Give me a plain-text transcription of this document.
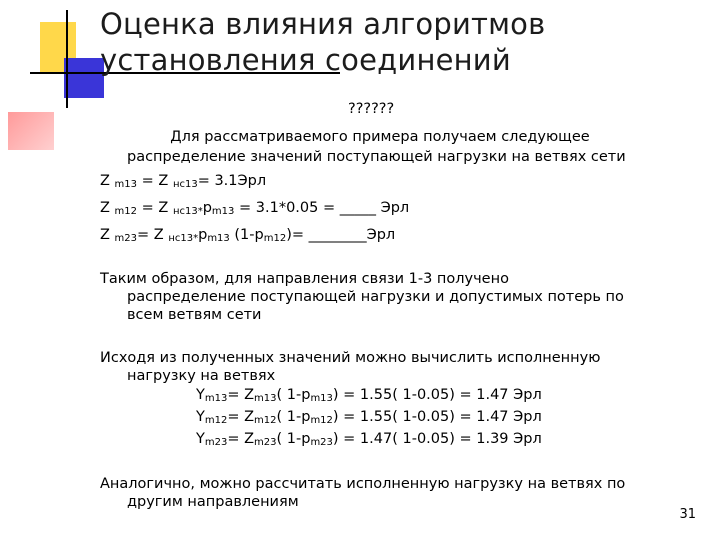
Оценка влияния алгоритмов
установления соединений
??????
Для рассматриваемого примера получаем следующее
распределение значений поступающей нагрузки на ветвях сети
Z $_{m13}$ = Z $_{нс13}$= 3.1Эрл
Z $_{m12}$ = Z $_{нс13*}p_{m13} = 3.1*0.05$ = _____ Эрл
Z $_{m23}$= Z $_{нс13*}p_{m13}$ $(1-p_{m12})=$ ________Эрл
Таким образом, для направления связи 1-3 получено
распределение поступающей нагрузки и допустимых потерь по
всем ветвям сети
Исходя из полученных значений можно вычислить исполненную
нагрузку на ветвях
$Y_{m13}= Z_{m13}$( $1-p_{m13}) = 1.55$( 1-0.05) = 1.47 Эрл
$Y_{m12}= Z_{m12}$( $1-p_{m12}) = 1.55$( 1-0.05) = 1.47 Эрл
$Y_{m23}= Z_{m23}$( $1-p_{m23}) = 1.47$( 1-0.05) = 1.39 Эрл
Аналогично, можно рассчитать исполненную нагрузку на ветвях по
другим направлениям
31
